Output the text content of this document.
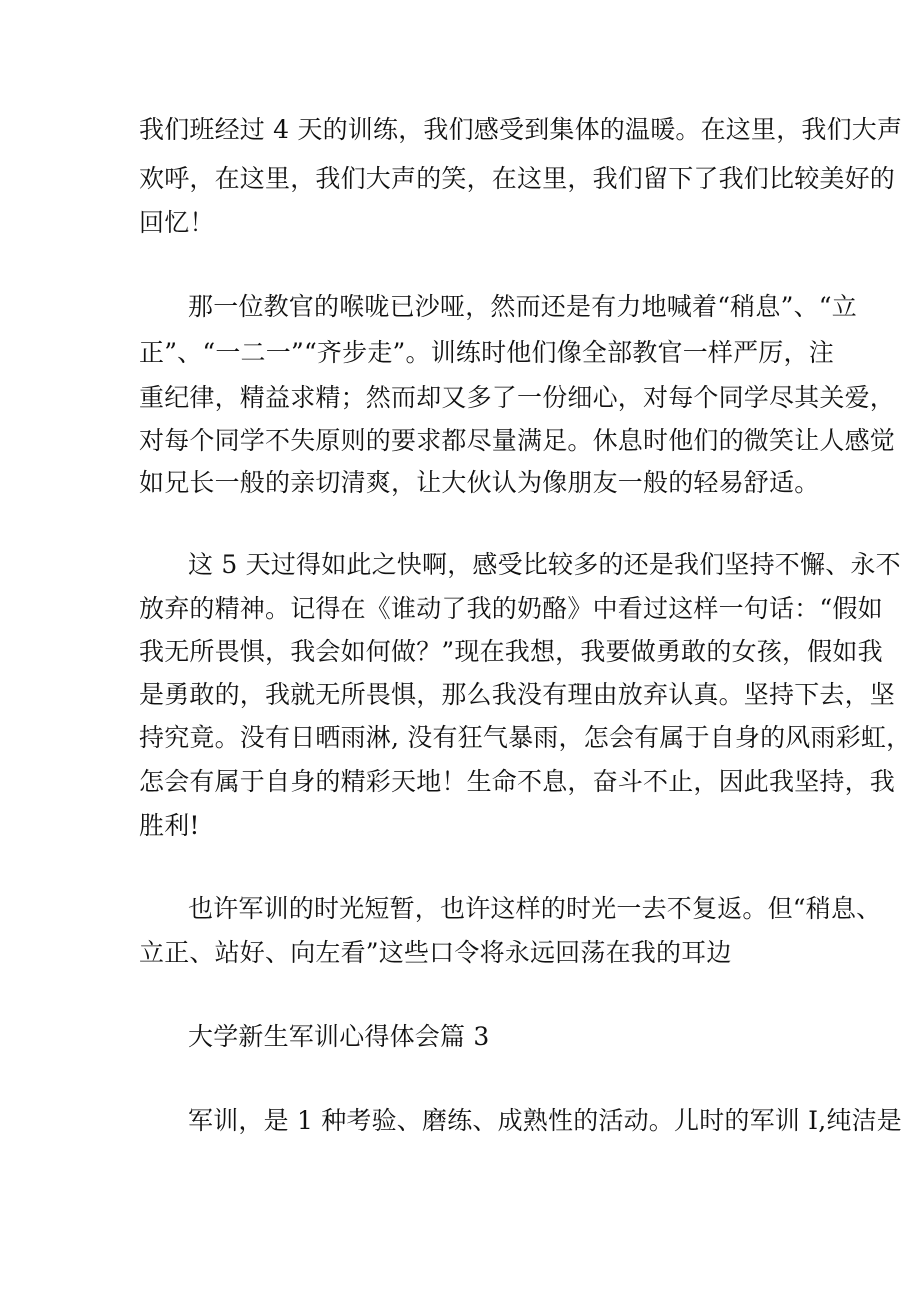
我们班经过 4 天的训练，我们感受到集体的温暖。在这里，我们大声
欢呼，在这里，我们大声的笑，在这里，我们留下了我们比较美好的
回忆！
那一位教官的喉咙已沙哑，然而还是有力地喊着“稍息”、“立
正”、“一二一”“齐步走”。训练时他们像全部教官一样严厉，注
重纪律，精益求精；然而却又多了一份细心，对每个同学尽其关爱，
对每个同学不失原则的要求都尽量满足。休息时他们的微笑让人感觉
如兄长一般的亲切清爽，让大伙认为像朋友一般的轻易舒适。
这 5 天过得如此之快啊，感受比较多的还是我们坚持不懈、永不
放弃的精神。记得在《谁动了我的奶酪》中看过这样一句话：“假如
我无所畏惧，我会如何做？”现在我想，我要做勇敢的女孩，假如我
是勇敢的，我就无所畏惧，那么我没有理由放弃认真。坚持下去，坚
持究竟。没有日晒雨淋, 没有狂气暴雨，怎会有属于自身的风雨彩虹，
怎会有属于自身的精彩天地！生命不息，奋斗不止，因此我坚持，我
胜利!
也许军训的时光短暂，也许这样的时光一去不复返。但“稍息、
立正、站好、向左看”这些口令将永远回荡在我的耳边
大学新生军训心得体会篇 3
军训，是 1 种考验、磨练、成熟性的活动。儿时的军训 I,纯洁是
